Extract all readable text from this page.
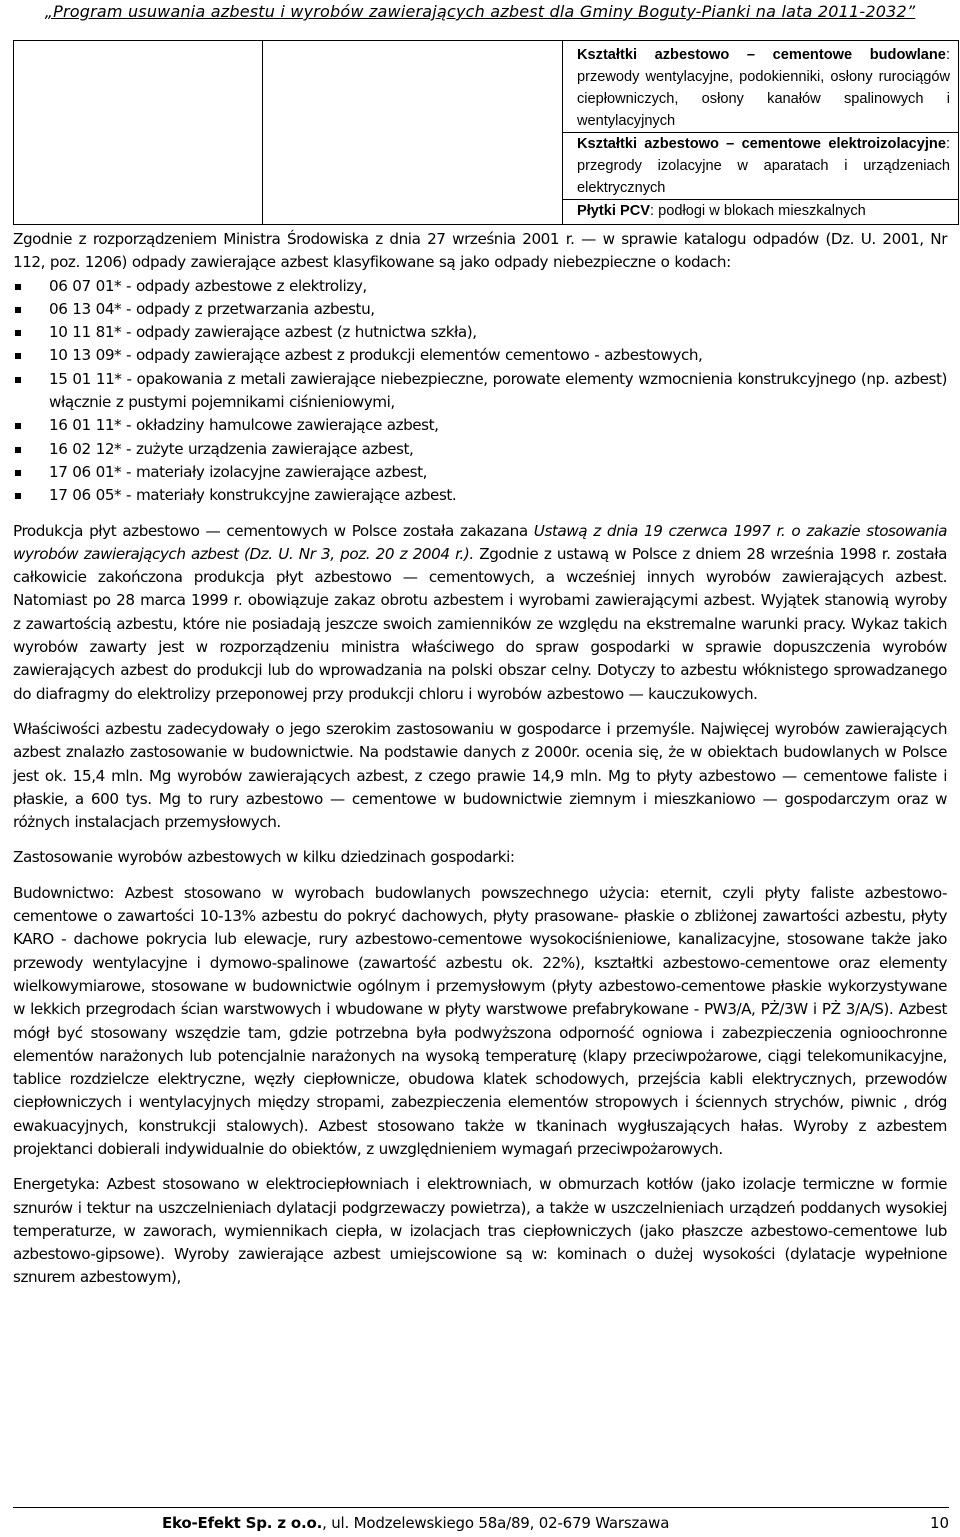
„Program usuwania azbestu i wyrobów zawierających azbest dla Gminy Boguty-Pianki na lata 2011-2032”

Kształtki azbestowo – cementowe budowlane: przewody wentylacyjne, podokienniki, osłony rurociągów ciepłowniczych, osłony kanałów spalinowych i wentylacyjnych

Kształtki azbestowo – cementowe elektroizolacyjne: przegrody izolacyjne w aparatach i urządzeniach elektrycznych

Płytki PCV: podłogi w blokach mieszkalnych

Zgodnie z rozporządzeniem Ministra Środowiska z dnia 27 września 2001 r. — w sprawie katalogu odpadów (Dz. U. 2001, Nr 112, poz. 1206) odpady zawierające azbest klasyfikowane są jako odpady niebezpieczne o kodach:

06 07 01* - odpady azbestowe z elektrolizy,
06 13 04* - odpady z przetwarzania azbestu,
10 11 81* - odpady zawierające azbest (z hutnictwa szkła),
10 13 09* - odpady zawierające azbest z produkcji elementów cementowo - azbestowych,
15 01 11* - opakowania z metali zawierające niebezpieczne, porowate elementy wzmocnienia konstrukcyjnego (np. azbest) włącznie z pustymi pojemnikami ciśnieniowymi,
16 01 11* - okładziny hamulcowe zawierające azbest,
16 02 12* - zużyte urządzenia zawierające azbest,
17 06 01* - materiały izolacyjne zawierające azbest,
17 06 05* - materiały konstrukcyjne zawierające azbest.

Produkcja płyt azbestowo — cementowych w Polsce została zakazana Ustawą z dnia 19 czerwca 1997 r. o zakazie stosowania wyrobów zawierających azbest (Dz. U. Nr 3, poz. 20 z 2004 r.). Zgodnie z ustawą w Polsce z dniem 28 września 1998 r. została całkowicie zakończona produkcja płyt azbestowo — cementowych, a wcześniej innych wyrobów zawierających azbest. Natomiast po 28 marca 1999 r. obowiązuje zakaz obrotu azbestem i wyrobami zawierającymi azbest. Wyjątek stanowią wyroby z zawartością azbestu, które nie posiadają jeszcze swoich zamienników ze względu na ekstremalne warunki pracy. Wykaz takich wyrobów zawarty jest w rozporządzeniu ministra właściwego do spraw gospodarki w sprawie dopuszczenia wyrobów zawierających azbest do produkcji lub do wprowadzania na polski obszar celny. Dotyczy to azbestu włóknistego sprowadzanego do diafragmy do elektrolizy przeponowej przy produkcji chloru i wyrobów azbestowo — kauczukowych.

Właściwości azbestu zadecydowały o jego szerokim zastosowaniu w gospodarce i przemyśle. Najwięcej wyrobów zawierających azbest znalazło zastosowanie w budownictwie. Na podstawie danych z 2000r. ocenia się, że w obiektach budowlanych w Polsce jest ok. 15,4 mln. Mg wyrobów zawierających azbest, z czego prawie 14,9 mln. Mg to płyty azbestowo — cementowe faliste i płaskie, a 600 tys. Mg to rury azbestowo — cementowe w budownictwie ziemnym i mieszkaniowo — gospodarczym oraz w różnych instalacjach przemysłowych.

Zastosowanie wyrobów azbestowych w kilku dziedzinach gospodarki:

Budownictwo: Azbest stosowano w wyrobach budowlanych powszechnego użycia: eternit, czyli płyty faliste azbestowo-cementowe o zawartości 10-13% azbestu do pokryć dachowych, płyty prasowane- płaskie o zbliżonej zawartości azbestu, płyty KARO - dachowe pokrycia lub elewacje, rury azbestowo-cementowe wysokociśnieniowe, kanalizacyjne, stosowane także jako przewody wentylacyjne i dymowo-spalinowe (zawartość azbestu ok. 22%), kształtki azbestowo-cementowe oraz elementy wielkowymiarowe, stosowane w budownictwie ogólnym i przemysłowym (płyty azbestowo-cementowe płaskie wykorzystywane w lekkich przegrodach ścian warstwowych i wbudowane w płyty warstwowe prefabrykowane - PW3/A, PŻ/3W i PŻ 3/A/S). Azbest mógł być stosowany wszędzie tam, gdzie potrzebna była podwyższona odporność ogniowa i zabezpieczenia ognioochronne elementów narażonych lub potencjalnie narażonych na wysoką temperaturę (klapy przeciwpożarowe, ciągi telekomunikacyjne, tablice rozdzielcze elektryczne, węzły ciepłownicze, obudowa klatek schodowych, przejścia kabli elektrycznych, przewodów ciepłowniczych i wentylacyjnych między stropami, zabezpieczenia elementów stropowych i ściennych strychów, piwnic , dróg ewakuacyjnych, konstrukcji stalowych). Azbest stosowano także w tkaninach wygłuszających hałas. Wyroby z azbestem projektanci dobierali indywidualnie do obiektów, z uwzględnieniem wymagań przeciwpożarowych.

Energetyka: Azbest stosowano w elektrociepłowniach i elektrowniach, w obmurzach kotłów (jako izolacje termiczne w formie sznurów i tektur na uszczelnieniach dylatacji podgrzewaczy powietrza), a także w uszczelnieniach urządzeń poddanych wysokiej temperaturze, w zaworach, wymiennikach ciepła, w izolacjach tras ciepłowniczych (jako płaszcze azbestowo-cementowe lub azbestowo-gipsowe). Wyroby zawierające azbest umiejscowione są w: kominach o dużej wysokości (dylatacje wypełnione sznurem azbestowym),

Eko-Efekt Sp. z o.o., ul. Modzelewskiego 58a/89, 02-679 Warszawa	10
